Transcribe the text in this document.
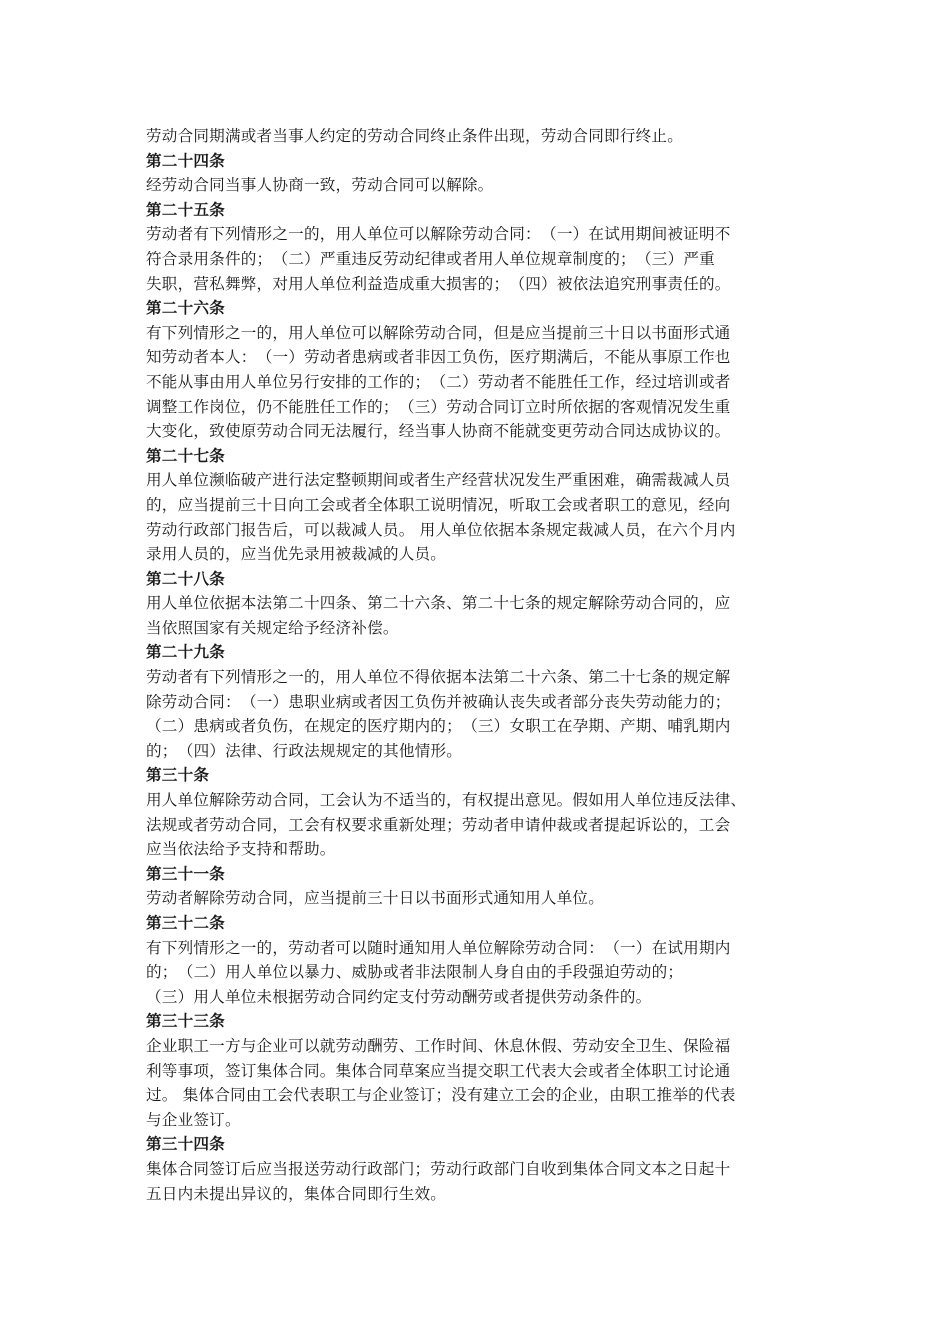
劳动合同期满或者当事人约定的劳动合同终止条件出现，劳动合同即行终止。
第二十四条
经劳动合同当事人协商一致，劳动合同可以解除。
第二十五条
劳动者有下列情形之一的，用人单位可以解除劳动合同：　（一）在试用期间被证明不
符合录用条件的；　（二）严重违反劳动纪律或者用人单位规章制度的；　（三）严重
失职，营私舞弊，对用人单位利益造成重大损害的；　（四）被依法追究刑事责任的。
第二十六条
有下列情形之一的，用人单位可以解除劳动合同，但是应当提前三十日以书面形式通
知劳动者本人：　（一）劳动者患病或者非因工负伤，医疗期满后，不能从事原工作也
不能从事由用人单位另行安排的工作的；　（二）劳动者不能胜任工作，经过培训或者
调整工作岗位，仍不能胜任工作的；　（三）劳动合同订立时所依据的客观情况发生重
大变化，致使原劳动合同无法履行，经当事人协商不能就变更劳动合同达成协议的。
第二十七条
用人单位濒临破产进行法定整顿期间或者生产经营状况发生严重困难，确需裁减人员
的，应当提前三十日向工会或者全体职工说明情况，听取工会或者职工的意见，经向
劳动行政部门报告后，可以裁减人员。 用人单位依据本条规定裁减人员，在六个月内
录用人员的，应当优先录用被裁减的人员。
第二十八条
用人单位依据本法第二十四条、第二十六条、第二十七条的规定解除劳动合同的，应
当依照国家有关规定给予经济补偿。
第二十九条
劳动者有下列情形之一的，用人单位不得依据本法第二十六条、第二十七条的规定解
除劳动合同：　（一）患职业病或者因工负伤并被确认丧失或者部分丧失劳动能力的；
（二）患病或者负伤，在规定的医疗期内的；　（三）女职工在孕期、产期、哺乳期内
的；　（四）法律、行政法规规定的其他情形。
第三十条
用人单位解除劳动合同，工会认为不适当的，有权提出意见。假如用人单位违反法律、
法规或者劳动合同，工会有权要求重新处理；劳动者申请仲裁或者提起诉讼的，工会
应当依法给予支持和帮助。
第三十一条
劳动者解除劳动合同，应当提前三十日以书面形式通知用人单位。
第三十二条
有下列情形之一的，劳动者可以随时通知用人单位解除劳动合同：　（一）在试用期内
的；　（二）用人单位以暴力、威胁或者非法限制人身自由的手段强迫劳动的；
（三）用人单位未根据劳动合同约定支付劳动酬劳或者提供劳动条件的。
第三十三条
企业职工一方与企业可以就劳动酬劳、工作时间、休息休假、劳动安全卫生、保险福
利等事项，签订集体合同。集体合同草案应当提交职工代表大会或者全体职工讨论通
过。 集体合同由工会代表职工与企业签订；没有建立工会的企业，由职工推举的代表
与企业签订。
第三十四条
集体合同签订后应当报送劳动行政部门；劳动行政部门自收到集体合同文本之日起十
五日内未提出异议的，集体合同即行生效。
